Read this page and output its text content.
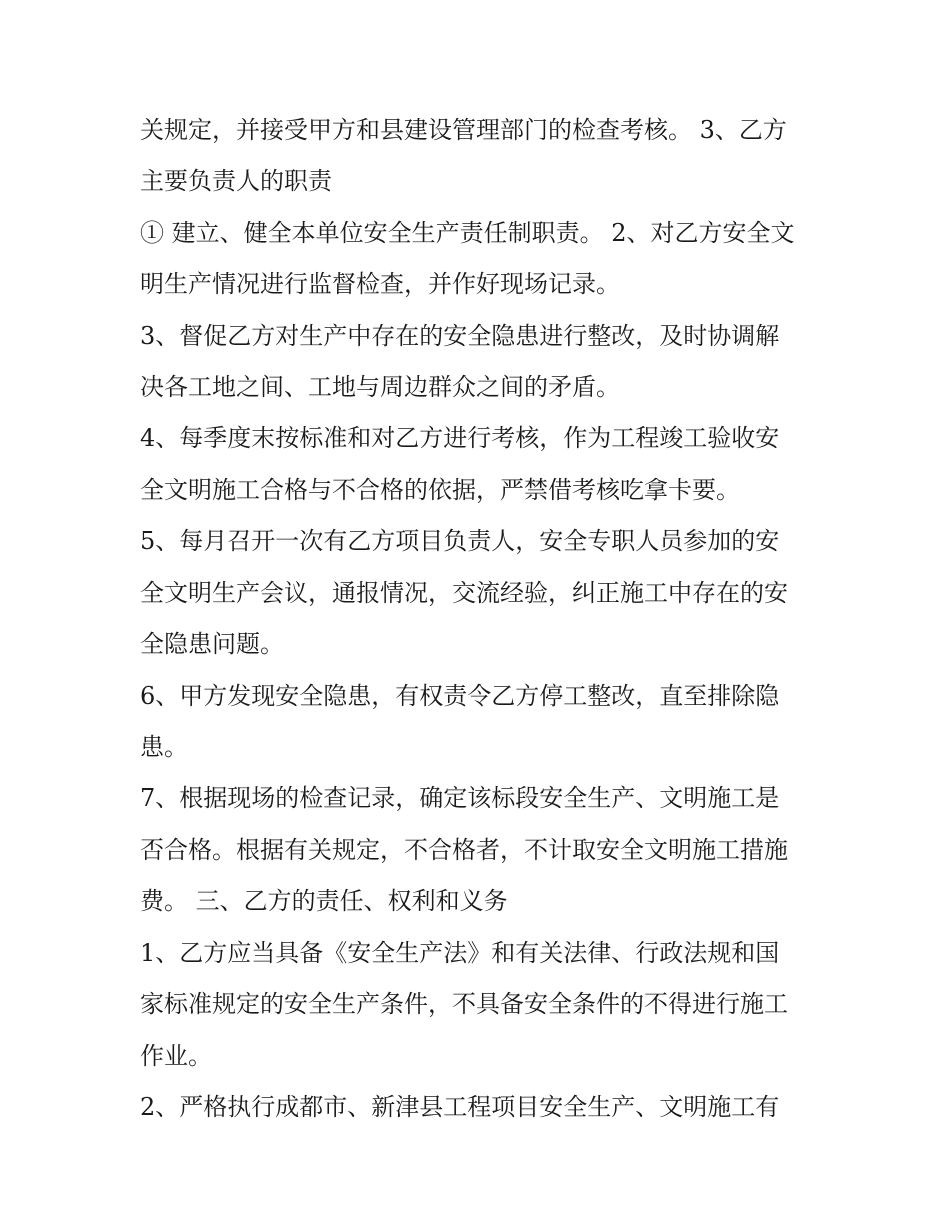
关规定，并接受甲方和县建设管理部门的检查考核。 3、乙方
主要负责人的职责
① 建立、健全本单位安全生产责任制职责。 2、对乙方安全文
明生产情况进行监督检查，并作好现场记录。
3、督促乙方对生产中存在的安全隐患进行整改，及时协调解
决各工地之间、工地与周边群众之间的矛盾。
4、每季度末按标准和对乙方进行考核，作为工程竣工验收安
全文明施工合格与不合格的依据，严禁借考核吃拿卡要。
5、每月召开一次有乙方项目负责人，安全专职人员参加的安
全文明生产会议，通报情况，交流经验，纠正施工中存在的安
全隐患问题。
6、甲方发现安全隐患，有权责令乙方停工整改，直至排除隐
患。
7、根据现场的检查记录，确定该标段安全生产、文明施工是
否合格。根据有关规定，不合格者，不计取安全文明施工措施
费。 三、乙方的责任、权利和义务
1、乙方应当具备《安全生产法》和有关法律、行政法规和国
家标准规定的安全生产条件，不具备安全条件的不得进行施工
作业。
2、严格执行成都市、新津县工程项目安全生产、文明施工有
